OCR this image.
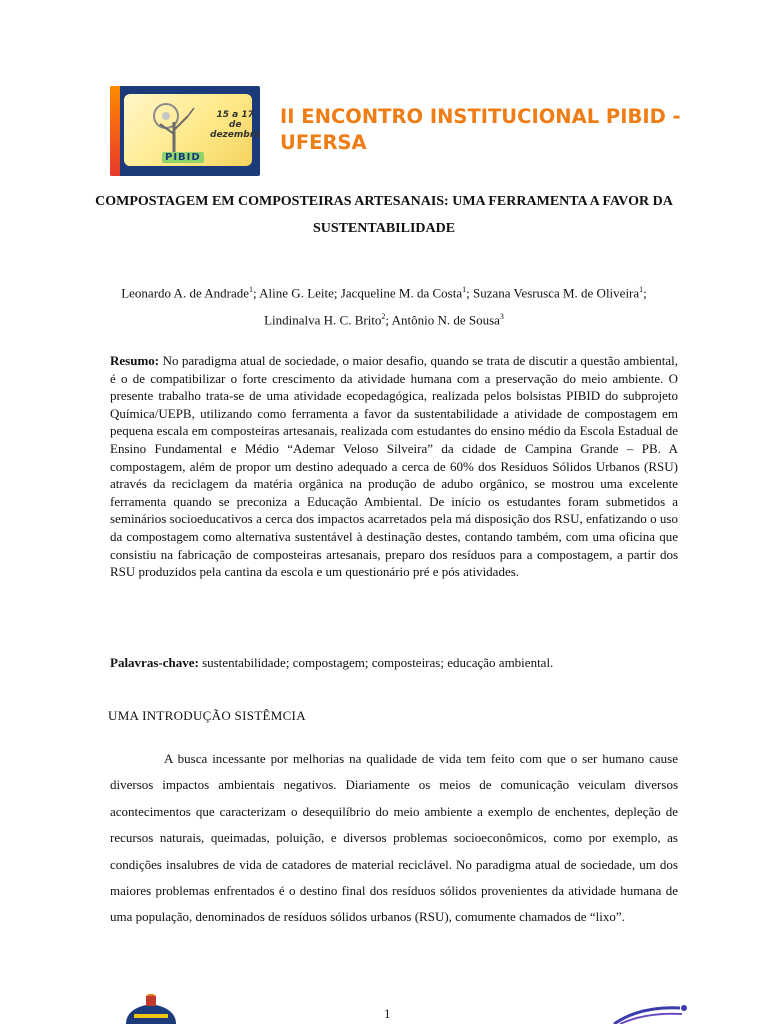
15 a 17 de dezembro
PIBID
II ENCONTRO INSTITUCIONAL PIBID - UFERSA
COMPOSTAGEM EM COMPOSTEIRAS ARTESANAIS: UMA FERRAMENTA A FAVOR DA SUSTENTABILIDADE
Leonardo A. de Andrade$^1$; Aline G. Leite; Jacqueline M. da Costa$^1$; Suzana Vesrusca M. de Oliveira$^1$; Lindinalva H. C. Brito$^2$; Antônio N. de Sousa$^3$
Resumo: No paradigma atual de sociedade, o maior desafio, quando se trata de discutir a questão ambiental, é o de compatibilizar o forte crescimento da atividade humana com a preservação do meio ambiente. O presente trabalho trata-se de uma atividade ecopedagógica, realizada pelos bolsistas PIBID do subprojeto Química/UEPB, utilizando como ferramenta a favor da sustentabilidade a atividade de compostagem em pequena escala em composteiras artesanais, realizada com estudantes do ensino médio da Escola Estadual de Ensino Fundamental e Médio “Ademar Veloso Silveira” da cidade de Campina Grande – PB. A compostagem, além de propor um destino adequado a cerca de 60% dos Resíduos Sólidos Urbanos (RSU) através da reciclagem da matéria orgânica na produção de adubo orgânico, se mostrou uma excelente ferramenta quando se preconiza a Educação Ambiental. De início os estudantes foram submetidos a seminários socioeducativos a cerca dos impactos acarretados pela má disposição dos RSU, enfatizando o uso da compostagem como alternativa sustentável à destinação destes, contando também, com uma oficina que consistiu na fabricação de composteiras artesanais, preparo dos resíduos para a compostagem, a partir dos RSU produzidos pela cantina da escola e um questionário pré e pós atividades.
Palavras-chave: sustentabilidade; compostagem; composteiras; educação ambiental.
UMA INTRODUÇÃO SISTÊMCIA
A busca incessante por melhorias na qualidade de vida tem feito com que o ser humano cause diversos impactos ambientais negativos. Diariamente os meios de comunicação veiculam diversos acontecimentos que caracterizam o desequilíbrio do meio ambiente a exemplo de enchentes, depleção de recursos naturais, queimadas, poluição, e diversos problemas socioeconômicos, como por exemplo, as condições insalubres de vida de catadores de material reciclável. No paradigma atual de sociedade, um dos maiores problemas enfrentados é o destino final dos resíduos sólidos provenientes da atividade humana de uma população, denominados de resíduos sólidos urbanos (RSU), comumente chamados de “lixo”.
1
